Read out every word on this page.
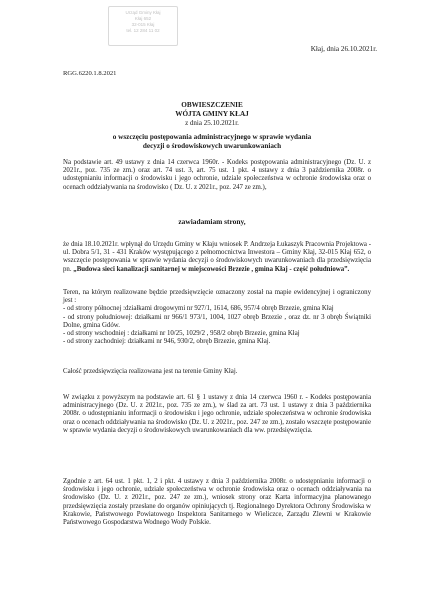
Urząd Gminy Kłaj
Kłaj 652
32-015 Kłaj
tel. 12 284 11 02
Kłaj, dnia 26.10.2021r.
RGG.6220.1.8.2021
OBWIESZCZENIE
WÓJTA GMINY KŁAJ
z dnia 25.10.2021r.
o wszczęciu postępowania administracyjnego w sprawie wydania
decyzji o środowiskowych uwarunkowaniach
Na podstawie art. 49 ustawy z dnia 14 czerwca 1960r. - Kodeks postępowania administracyjnego (Dz. U. z 2021r., poz. 735 ze zm.) oraz art. 74 ust. 3, art. 75 ust. 1 pkt. 4 ustawy z dnia 3 października 2008r. o udostępnianiu informacji o środowisku i jego ochronie, udziale społeczeństwa w ochronie środowiska oraz o ocenach oddziaływania na środowisko ( Dz. U. z 2021r., poz. 247 ze zm.),
zawiadamiam strony,
że dnia 18.10.2021r. wpłynął do Urzędu Gminy w Kłaju wniosek P. Andrzeja Łukaszyk Pracownia Projektowa - ul. Dobra 5/1, 31 - 431 Kraków występującego z pełnomocnictwa Inwestora – Gminy Kłaj, 32-015 Kłaj 652, o wszczęcie postępowania w sprawie wydania decyzji o środowiskowych uwarunkowaniach dla przedsięwzięcia pn. „Budowa sieci kanalizacji sanitarnej w miejscowości Brzezie , gmina Kłaj - część południowa”.
Teren, na którym realizowane będzie przedsięwzięcie oznaczony został na mapie ewidencyjnej i ograniczony jest :
- od strony północnej :działkami drogowymi nr 927/1, 1614, 686, 957/4 obręb Brzezie, gmina Kłaj
- od strony południowej: działkami nr 966/1 973/1, 1004, 1027 obręb Brzezie , oraz dz. nr 3 obręb Świątniki Dolne, gmina Gdów.
- od strony wschodniej : działkami nr 10/25, 1029/2 , 958/2 obręb Brzezie, gmina Kłaj
- od strony zachodniej: działkami nr 946, 930/2, obręb Brzezie, gmina Kłaj.
Całość przedsięwzięcia realizowana jest na terenie Gminy Kłaj.
W związku z powyższym na podstawie art. 61 § 1 ustawy z dnia 14 czerwca 1960 r. - Kodeks postępowania administracyjnego (Dz. U. z 2021r., poz. 735 ze zm.), w ślad za art. 73 ust. 1 ustawy z dnia 3 października 2008r. o udostępnianiu informacji o środowisku i jego ochronie, udziale społeczeństwa w ochronie środowiska oraz o ocenach oddziaływania na środowisko (Dz. U. z 2021r., poz. 247 ze zm.), zostało wszczęte postępowanie w sprawie wydania decyzji o środowiskowych uwarunkowaniach dla ww. przedsięwzięcia.
Zgodnie z art. 64 ust. 1 pkt. 1, 2 i pkt. 4 ustawy z dnia 3 października 2008r. o udostępnianiu informacji o środowisku i jego ochronie, udziale społeczeństwa w ochronie środowiska oraz o ocenach oddziaływania na środowisko (Dz. U. z 2021r., poz. 247 ze zm.), wniosek strony oraz Karta informacyjna planowanego przedsięwzięcia zostały przesłane do organów opiniujących tj. Regionalnego Dyrektora Ochrony Środowiska w Krakowie, Państwowego Powiatowego Inspektora Sanitarnego w Wieliczce, Zarządu Zlewni w Krakowie Państwowego Gospodarstwa Wodnego Wody Polskie.
